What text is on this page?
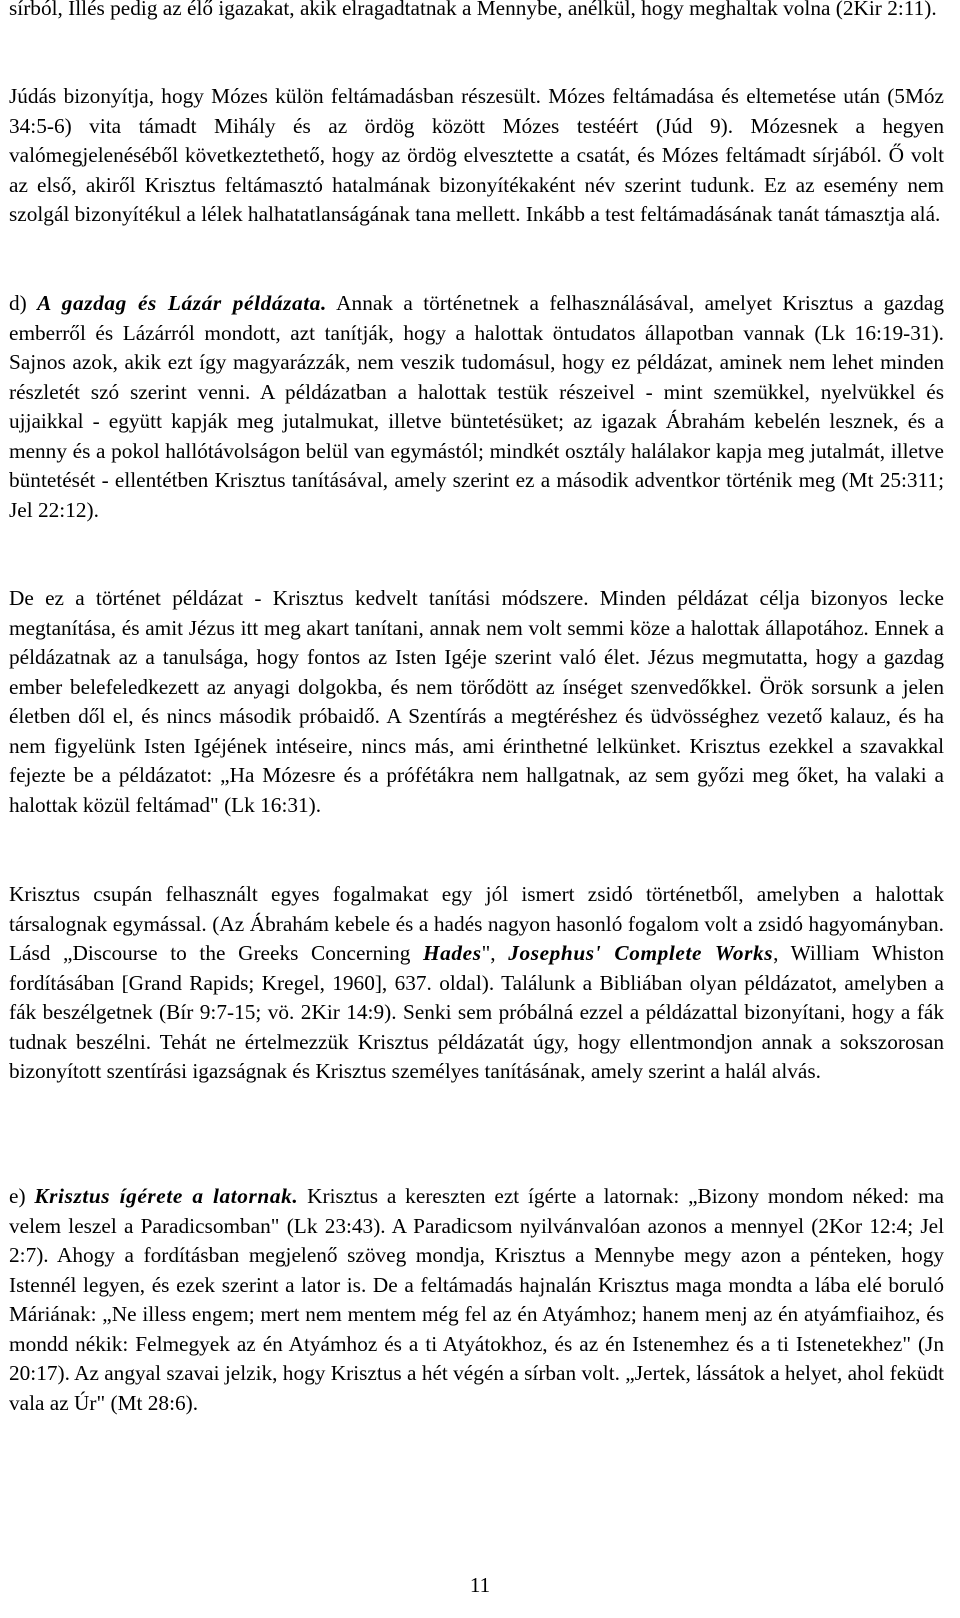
sírból, Illés pedig az élő igazakat, akik elragadtatnak a Mennybe, anélkül, hogy meghaltak volna (2Kir 2:11).

Júdás bizonyítja, hogy Mózes külön feltámadásban részesült. Mózes feltámadása és eltemetése után (5Móz 34:5-6) vita támadt Mihály és az ördög között Mózes testéért (Júd 9). Mózesnek a hegyen valómegjelenéséből következtethető, hogy az ördög elvesztette a csatát, és Mózes feltámadt sírjából. Ő volt az első, akiről Krisztus feltámasztó hatalmának bizonyítékaként név szerint tudunk. Ez az esemény nem szolgál bizonyítékul a lélek halhatatlanságának tana mellett. Inkább a test feltámadásának tanát támasztja alá.

d) A gazdag és Lázár példázata. Annak a történetnek a felhasználásával, amelyet Krisztus a gazdag emberről és Lázárról mondott, azt tanítják, hogy a halottak öntudatos állapotban vannak (Lk 16:19-31). Sajnos azok, akik ezt így magyarázzák, nem veszik tudomásul, hogy ez példázat, aminek nem lehet minden részletét szó szerint venni. A példázatban a halottak testük részeivel - mint szemükkel, nyelvükkel és ujjaikkal - együtt kapják meg jutalmukat, illetve büntetésüket; az igazak Ábrahám kebelén lesznek, és a menny és a pokol hallótávolságon belül van egymástól; mindkét osztály halálakor kapja meg jutalmát, illetve büntetését - ellentétben Krisztus tanításával, amely szerint ez a második adventkor történik meg (Mt 25:311; Jel 22:12).

De ez a történet példázat - Krisztus kedvelt tanítási módszere. Minden példázat célja bizonyos lecke megtanítása, és amit Jézus itt meg akart tanítani, annak nem volt semmi köze a halottak állapotához. Ennek a példázatnak az a tanulsága, hogy fontos az Isten Igéje szerint való élet. Jézus megmutatta, hogy a gazdag ember belefeledkezett az anyagi dolgokba, és nem törődött az ínséget szenvedőkkel. Örök sorsunk a jelen életben dől el, és nincs második próbaidő. A Szentírás a megtéréshez és üdvösséghez vezető kalauz, és ha nem figyelünk Isten Igéjének intéseire, nincs más, ami érinthetné lelkünket. Krisztus ezekkel a szavakkal fejezte be a példázatot: „Ha Mózesre és a prófétákra nem hallgatnak, az sem győzi meg őket, ha valaki a halottak közül feltámad" (Lk 16:31).

Krisztus csupán felhasznált egyes fogalmakat egy jól ismert zsidó történetből, amelyben a halottak társalognak egymással. (Az Ábrahám kebele és a hadés nagyon hasonló fogalom volt a zsidó hagyományban. Lásd „Discourse to the Greeks Concerning Hades", Josephus' Complete Works, William Whiston fordításában [Grand Rapids; Kregel, 1960], 637. oldal). Találunk a Bibliában olyan példázatot, amelyben a fák beszélgetnek (Bír 9:7-15; vö. 2Kir 14:9). Senki sem próbálná ezzel a példázattal bizonyítani, hogy a fák tudnak beszélni. Tehát ne értelmezzük Krisztus példázatát úgy, hogy ellentmondjon annak a sokszorosan bizonyított szentírási igazságnak és Krisztus személyes tanításának, amely szerint a halál alvás.

e) Krisztus ígérete a latornak. Krisztus a kereszten ezt ígérte a latornak: „Bizony mondom néked: ma velem leszel a Paradicsomban" (Lk 23:43). A Paradicsom nyilvánvalóan azonos a mennyel (2Kor 12:4; Jel 2:7). Ahogy a fordításban megjelenő szöveg mondja, Krisztus a Mennybe megy azon a pénteken, hogy Istennél legyen, és ezek szerint a lator is. De a feltámadás hajnalán Krisztus maga mondta a lába elé boruló Máriának: „Ne illess engem; mert nem mentem még fel az én Atyámhoz; hanem menj az én atyámfiaihoz, és mondd nékik: Felmegyek az én Atyámhoz és a ti Atyátokhoz, és az én Istenemhez és a ti Istenetekhez" (Jn 20:17). Az angyal szavai jelzik, hogy Krisztus a hét végén a sírban volt. „Jertek, lássátok a helyet, ahol feküdt vala az Úr" (Mt 28:6).

11
